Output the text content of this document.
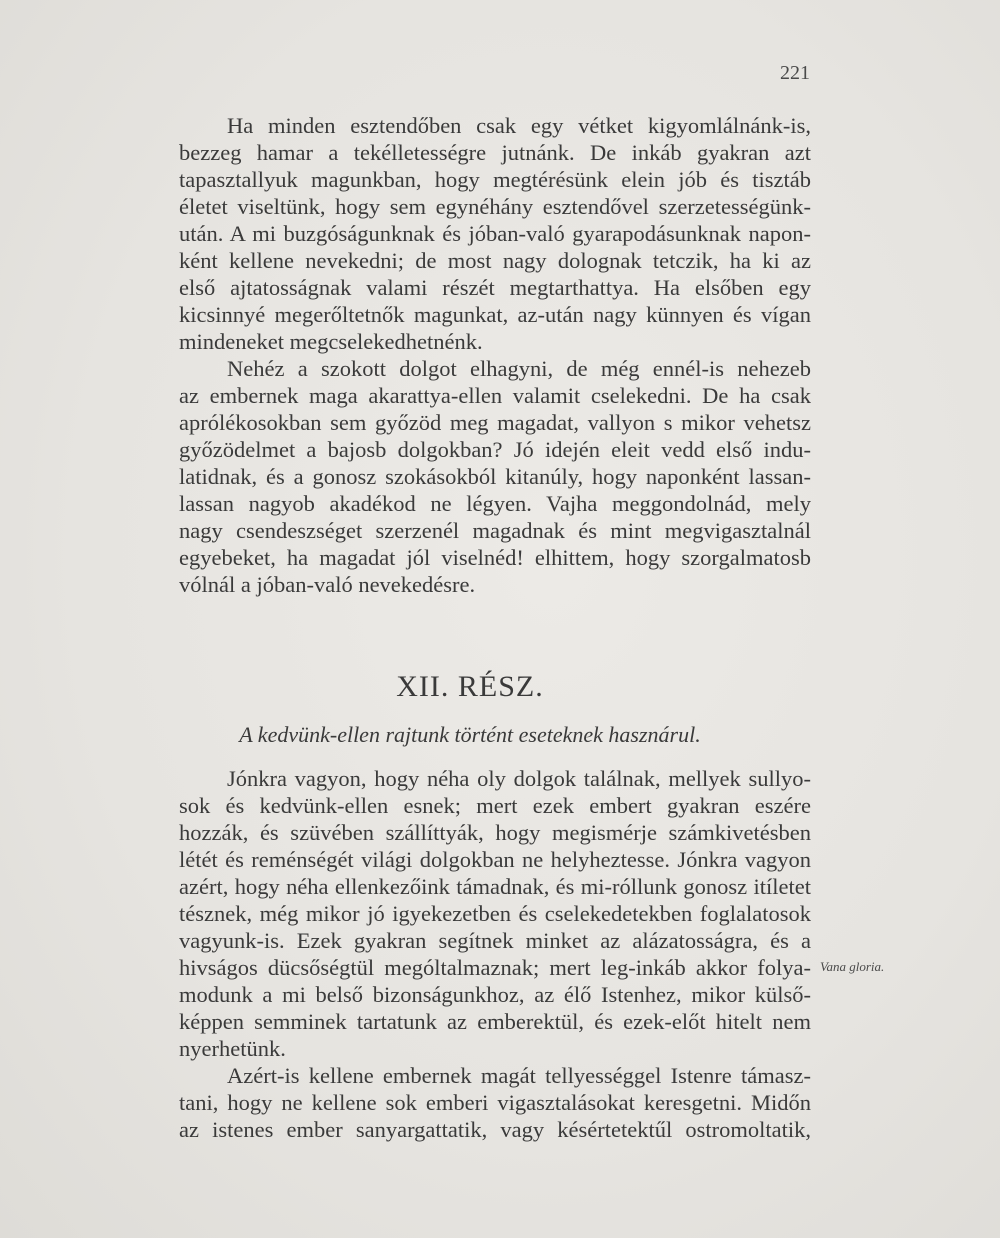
221
Ha minden esztendőben csak egy vétket kigyomlálnánk-is,
bezzeg hamar a tekélletességre jutnánk. De inkáb gyakran azt
tapasztallyuk magunkban, hogy megtérésünk elein jób és tisztáb
életet viseltünk, hogy sem egynéhány esztendővel szerzetességünk-
után. A mi buzgóságunknak és jóban-való gyarapodásunknak napon-
ként kellene nevekedni; de most nagy dolognak tetczik, ha ki az
első ajtatosságnak valami részét megtarthattya. Ha elsőben egy
kicsinnyé megerőltetnők magunkat, az-után nagy künnyen és vígan
mindeneket megcselekedhetnénk.
Nehéz a szokott dolgot elhagyni, de még ennél-is nehezeb
az embernek maga akarattya-ellen valamit cselekedni. De ha csak
aprólékosokban sem győzöd meg magadat, vallyon s mikor vehetsz
győzödelmet a bajosb dolgokban? Jó idején eleit vedd első indu-
latidnak, és a gonosz szokásokból kitanúly, hogy naponként lassan-
lassan nagyob akadékod ne légyen. Vajha meggondolnád, mely
nagy csendeszséget szerzenél magadnak és mint megvigasztalnál
egyebeket, ha magadat jól viselnéd! elhittem, hogy szorgalmatosb
vólnál a jóban-való nevekedésre.
XII. RÉSZ.
A kedvünk-ellen rajtunk történt eseteknek hasznárul.
Jónkra vagyon, hogy néha oly dolgok találnak, mellyek sullyo-
sok és kedvünk-ellen esnek; mert ezek embert gyakran eszére
hozzák, és szüvében szállíttyák, hogy megismérje számkivetésben
létét és reménségét világi dolgokban ne helyheztesse. Jónkra vagyon
azért, hogy néha ellenkezőink támadnak, és mi-róllunk gonosz itíletet
tésznek, még mikor jó igyekezetben és cselekedetekben foglalatosok
vagyunk-is. Ezek gyakran segítnek minket az alázatosságra, és a
hivságos dücsőségtül mególtalmaznak; mert leg-inkáb akkor folya-
modunk a mi belső bizonságunkhoz, az élő Istenhez, mikor külső-
képpen semminek tartatunk az emberektül, és ezek-előt hitelt nem
nyerhetünk.
Azért-is kellene embernek magát tellyességgel Istenre támasz-
tani, hogy ne kellene sok emberi vigasztalásokat keresgetni. Midőn
az istenes ember sanyargattatik, vagy késértetektűl ostromoltatik,
Vana gloria.
